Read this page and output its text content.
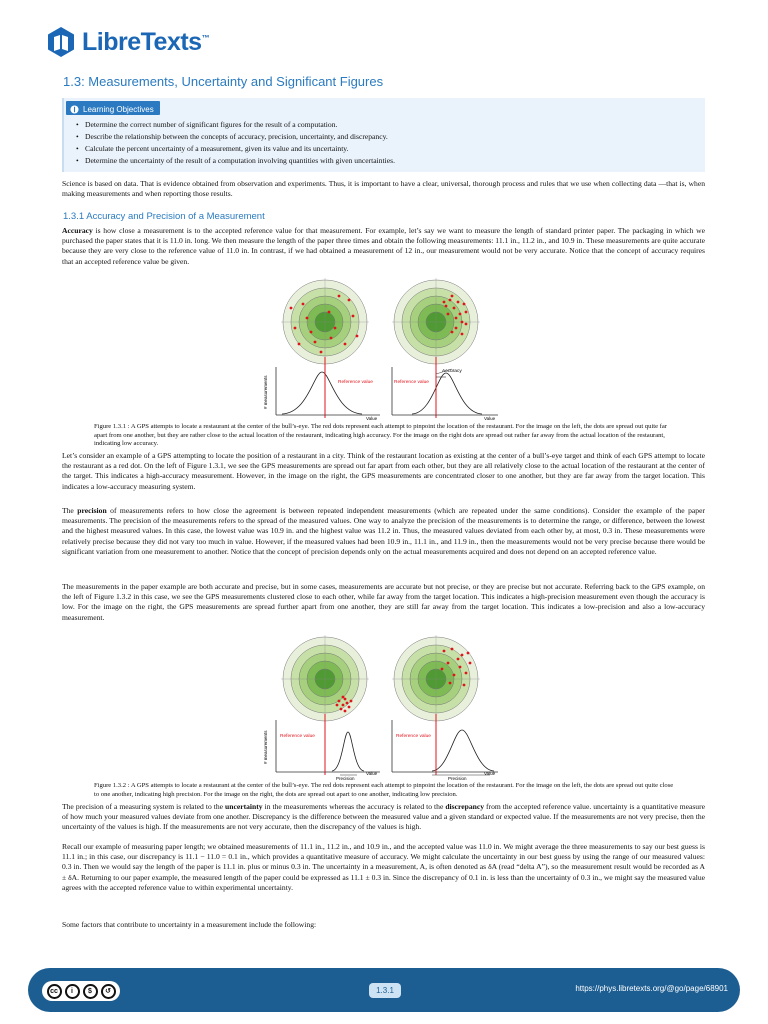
LibreTexts™
1.3: Measurements, Uncertainty and Significant Figures
Learning Objectives
• Determine the correct number of significant figures for the result of a computation.
• Describe the relationship between the concepts of accuracy, precision, uncertainty, and discrepancy.
• Calculate the percent uncertainty of a measurement, given its value and its uncertainty.
• Determine the uncertainty of the result of a computation involving quantities with given uncertainties.

Science is based on data. That is evidence obtained from observation and experiments. Thus, it is important to have a clear, universal, thorough process and rules that we use when collecting data —that is, when making measurements and when reporting those results.

1.3.1 Accuracy and Precision of a Measurement

Accuracy is how close a measurement is to the accepted reference value for that measurement. For example, let’s say we want to measure the length of standard printer paper. The packaging in which we purchased the paper states that it is 11.0 in. long. We then measure the length of the paper three times and obtain the following measurements: 11.1 in., 11.2 in., and 10.9 in. These measurements are quite accurate because they are very close to the reference value of 11.0 in. In contrast, if we had obtained a measurement of 12 in., our measurement would not be very accurate. Notice that the concept of accuracy requires that an accepted reference value be given.

# measurements	Reference value
Value
Reference value
Accuracy
Value

Figure 1.3.1 : A GPS attempts to locate a restaurant at the center of the bull’s-eye. The red dots represent each attempt to pinpoint the location of the restaurant. For the image on the left, the dots are spread out quite far apart from one another, but they are rather close to the actual location of the restaurant, indicating high accuracy. For the image on the right dots are spread out rather far away from the actual location of the restaurant, indicating low accuracy.

Let’s consider an example of a GPS attempting to locate the position of a restaurant in a city. Think of the restaurant location as existing at the center of a bull’s-eye target and think of each GPS attempt to locate the restaurant as a red dot. On the left of Figure 1.3.1, we see the GPS measurements are spread out far apart from each other, but they are all relatively close to the actual location of the restaurant at the center of the target. This indicates a high-accuracy measurement. However, in the image on the right, the GPS measurements are concentrated closer to one another, but they are far away from the target location. This indicates a low-accuracy measuring system.

The precision of measurements refers to how close the agreement is between repeated independent measurements (which are repeated under the same conditions). Consider the example of the paper measurements. The precision of the measurements refers to the spread of the measured values. One way to analyze the precision of the measurements is to determine the range, or difference, between the lowest and the highest measured values. In this case, the lowest value was 10.9 in. and the highest value was 11.2 in. Thus, the measured values deviated from each other by, at most, 0.3 in. These measurements were relatively precise because they did not vary too much in value. However, if the measured values had been 10.9 in., 11.1 in., and 11.9 in., then the measurements would not be very precise because there would be significant variation from one measurement to another. Notice that the concept of precision depends only on the actual measurements acquired and does not depend on an accepted reference value.

The measurements in the paper example are both accurate and precise, but in some cases, measurements are accurate but not precise, or they are precise but not accurate. Referring back to the GPS example, on the left of Figure 1.3.2 in this case, we see the GPS measurements clustered close to each other, while far away from the target location. This indicates a high-precision measurement even though the accuracy is low. For the image on the right, the GPS measurements are spread further apart from one another, they are still far away from the target location. This indicates a low-precision and also a low-accuracy measurement.

# measurements	Reference value
Precision
Value
Reference value
Precision
Value

Figure 1.3.2 : A GPS attempts to locate a restaurant at the center of the bull’s-eye. The red dots represent each attempt to pinpoint the location of the restaurant. For the image on the left, the dots are spread out quite close to one another, indicating high precision. For the image on the right, the dots are spread out apart to one another, indicating low precision.

The precision of a measuring system is related to the uncertainty in the measurements whereas the accuracy is related to the discrepancy from the accepted reference value. uncertainty is a quantitative measure of how much your measured values deviate from one another. Discrepancy is the difference between the measured value and a given standard or expected value. If the measurements are not very precise, then the uncertainty of the values is high. If the measurements are not very accurate, then the discrepancy of the values is high.

Recall our example of measuring paper length; we obtained measurements of 11.1 in., 11.2 in., and 10.9 in., and the accepted value was 11.0 in. We might average the three measurements to say our best guess is 11.1 in.; in this case, our discrepancy is 11.1 − 11.0 = 0.1 in., which provides a quantitative measure of accuracy. We might calculate the uncertainty in our best guess by using the range of our measured values: 0.3 in. Then we would say the length of the paper is 11.1 in. plus or minus 0.3 in. The uncertainty in a measurement, A, is often denoted as δA (read “delta A”), so the measurement result would be recorded as A ± δA. Returning to our paper example, the measured length of the paper could be expressed as 11.1 ± 0.3 in. Since the discrepancy of 0.1 in. is less than the uncertainty of 0.3 in., we might say the measured value agrees with the accepted reference value to within experimental uncertainty.

Some factors that contribute to uncertainty in a measurement include the following:

cc	i	$	↺	1.3.1	https://phys.libretexts.org/@go/page/68901
